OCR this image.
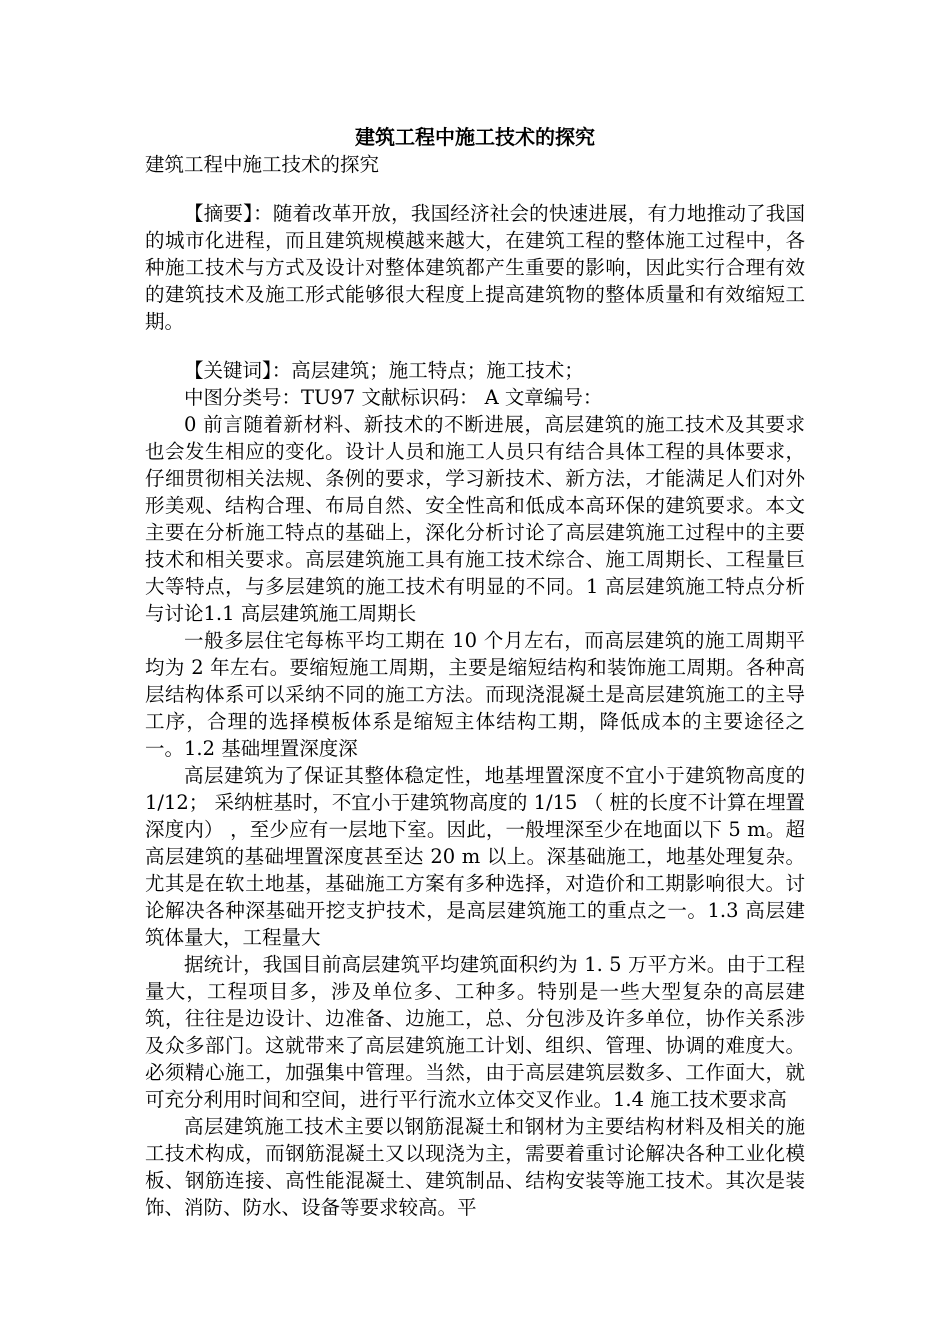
建筑工程中施工技术的探究

建筑工程中施工技术的探究

【摘要】：随着改革开放，我国经济社会的快速进展，有力地推动了我国的城市化进程，而且建筑规模越来越大，在建筑工程的整体施工过程中，各种施工技术与方式及设计对整体建筑都产生重要的影响，因此实行合理有效的建筑技术及施工形式能够很大程度上提高建筑物的整体质量和有效缩短工期。

【关键词】：高层建筑；施工特点；施工技术；

中图分类号：TU97 文献标识码： A 文章编号：

0 前言随着新材料、新技术的不断进展，高层建筑的施工技术及其要求也会发生相应的变化。设计人员和施工人员只有结合具体工程的具体要求，仔细贯彻相关法规、条例的要求，学习新技术、新方法，才能满足人们对外形美观、结构合理、布局自然、安全性高和低成本高环保的建筑要求。本文主要在分析施工特点的基础上，深化分析讨论了高层建筑施工过程中的主要技术和相关要求。高层建筑施工具有施工技术综合、施工周期长、工程量巨大等特点，与多层建筑的施工技术有明显的不同。1 高层建筑施工特点分析与讨论1.1 高层建筑施工周期长

一般多层住宅每栋平均工期在 10 个月左右，而高层建筑的施工周期平均为 2 年左右。要缩短施工周期，主要是缩短结构和装饰施工周期。各种高层结构体系可以采纳不同的施工方法。而现浇混凝土是高层建筑施工的主导工序，合理的选择模板体系是缩短主体结构工期，降低成本的主要途径之一。1.2 基础埋置深度深

高层建筑为了保证其整体稳定性，地基埋置深度不宜小于建筑物高度的 1/12； 采纳桩基时，不宜小于建筑物高度的 1/15 （ 桩的长度不计算在埋置深度内） ，至少应有一层地下室。因此，一般埋深至少在地面以下 5 m。超高层建筑的基础埋置深度甚至达 20 m 以上。深基础施工，地基处理复杂。尤其是在软土地基，基础施工方案有多种选择，对造价和工期影响很大。讨论解决各种深基础开挖支护技术，是高层建筑施工的重点之一。1.3 高层建筑体量大，工程量大

据统计，我国目前高层建筑平均建筑面积约为 1. 5 万平方米。由于工程量大，工程项目多，涉及单位多、工种多。特别是一些大型复杂的高层建筑，往往是边设计、边准备、边施工，总、分包涉及许多单位，协作关系涉及众多部门。这就带来了高层建筑施工计划、组织、管理、协调的难度大。必须精心施工，加强集中管理。当然，由于高层建筑层数多、工作面大，就可充分利用时间和空间，进行平行流水立体交叉作业。1.4 施工技术要求高

高层建筑施工技术主要以钢筋混凝土和钢材为主要结构材料及相关的施工技术构成，而钢筋混凝土又以现浇为主，需要着重讨论解决各种工业化模板、钢筋连接、高性能混凝土、建筑制品、结构安装等施工技术。其次是装饰、消防、防水、设备等要求较高。平
